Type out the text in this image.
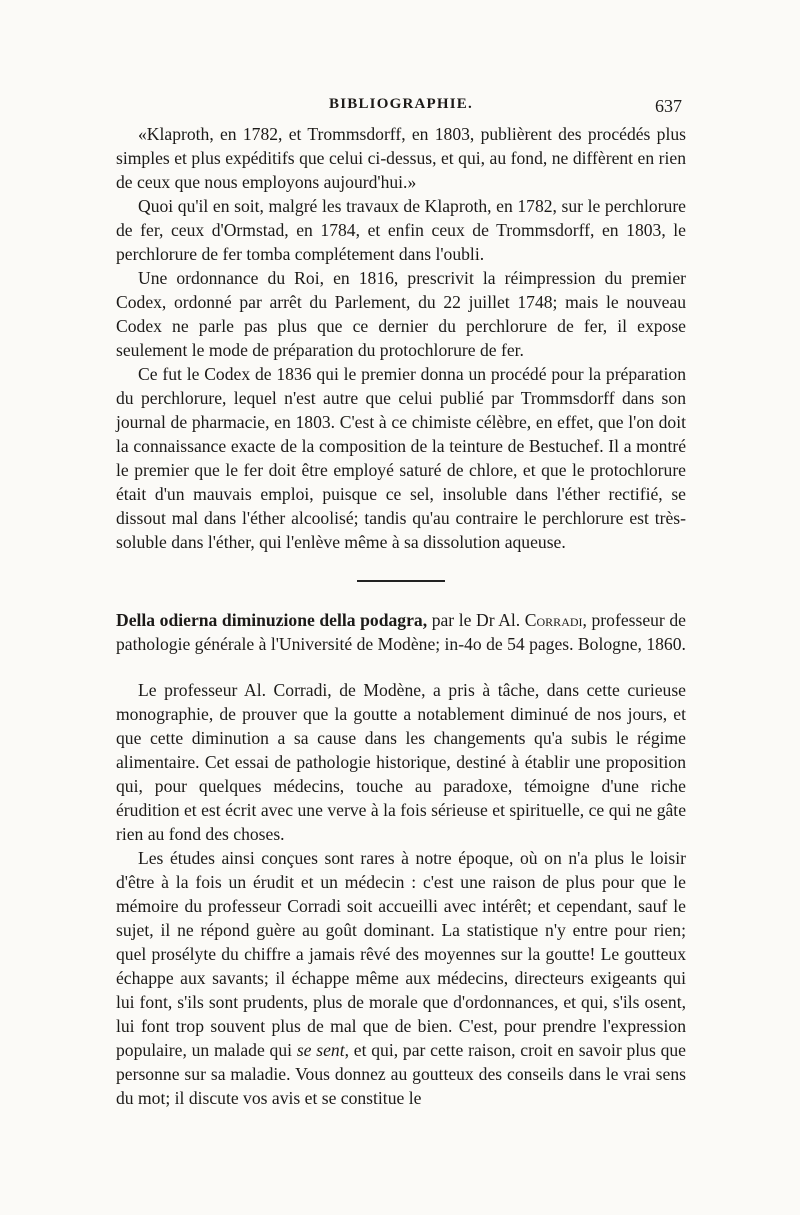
BIBLIOGRAPHIE.	637

«Klaproth, en 1782, et Trommsdorff, en 1803, publièrent des procédés plus simples et plus expéditifs que celui ci-dessus, et qui, au fond, ne diffèrent en rien de ceux que nous employons aujourd'hui.»

Quoi qu'il en soit, malgré les travaux de Klaproth, en 1782, sur le perchlorure de fer, ceux d'Ormstad, en 1784, et enfin ceux de Trommsdorff, en 1803, le perchlorure de fer tomba complétement dans l'oubli.

Une ordonnance du Roi, en 1816, prescrivit la réimpression du premier Codex, ordonné par arrêt du Parlement, du 22 juillet 1748; mais le nouveau Codex ne parle pas plus que ce dernier du perchlorure de fer, il expose seulement le mode de préparation du protochlorure de fer.

Ce fut le Codex de 1836 qui le premier donna un procédé pour la préparation du perchlorure, lequel n'est autre que celui publié par Trommsdorff dans son journal de pharmacie, en 1803. C'est à ce chimiste célèbre, en effet, que l'on doit la connaissance exacte de la composition de la teinture de Bestuchef. Il a montré le premier que le fer doit être employé saturé de chlore, et que le protochlorure était d'un mauvais emploi, puisque ce sel, insoluble dans l'éther rectifié, se dissout mal dans l'éther alcoolisé; tandis qu'au contraire le perchlorure est très-soluble dans l'éther, qui l'enlève même à sa dissolution aqueuse.

Della odierna diminuzione della podagra, par le Dr Al. Corradi, professeur de pathologie générale à l'Université de Modène; in-4o de 54 pages. Bologne, 1860.

Le professeur Al. Corradi, de Modène, a pris à tâche, dans cette curieuse monographie, de prouver que la goutte a notablement diminué de nos jours, et que cette diminution a sa cause dans les changements qu'a subis le régime alimentaire. Cet essai de pathologie historique, destiné à établir une proposition qui, pour quelques médecins, touche au paradoxe, témoigne d'une riche érudition et est écrit avec une verve à la fois sérieuse et spirituelle, ce qui ne gâte rien au fond des choses.

Les études ainsi conçues sont rares à notre époque, où on n'a plus le loisir d'être à la fois un érudit et un médecin : c'est une raison de plus pour que le mémoire du professeur Corradi soit accueilli avec intérêt; et cependant, sauf le sujet, il ne répond guère au goût dominant. La statistique n'y entre pour rien; quel prosélyte du chiffre a jamais rêvé des moyennes sur la goutte! Le goutteux échappe aux savants; il échappe même aux médecins, directeurs exigeants qui lui font, s'ils sont prudents, plus de morale que d'ordonnances, et qui, s'ils osent, lui font trop souvent plus de mal que de bien. C'est, pour prendre l'expression populaire, un malade qui se sent, et qui, par cette raison, croit en savoir plus que personne sur sa maladie. Vous donnez au goutteux des conseils dans le vrai sens du mot; il discute vos avis et se constitue le
